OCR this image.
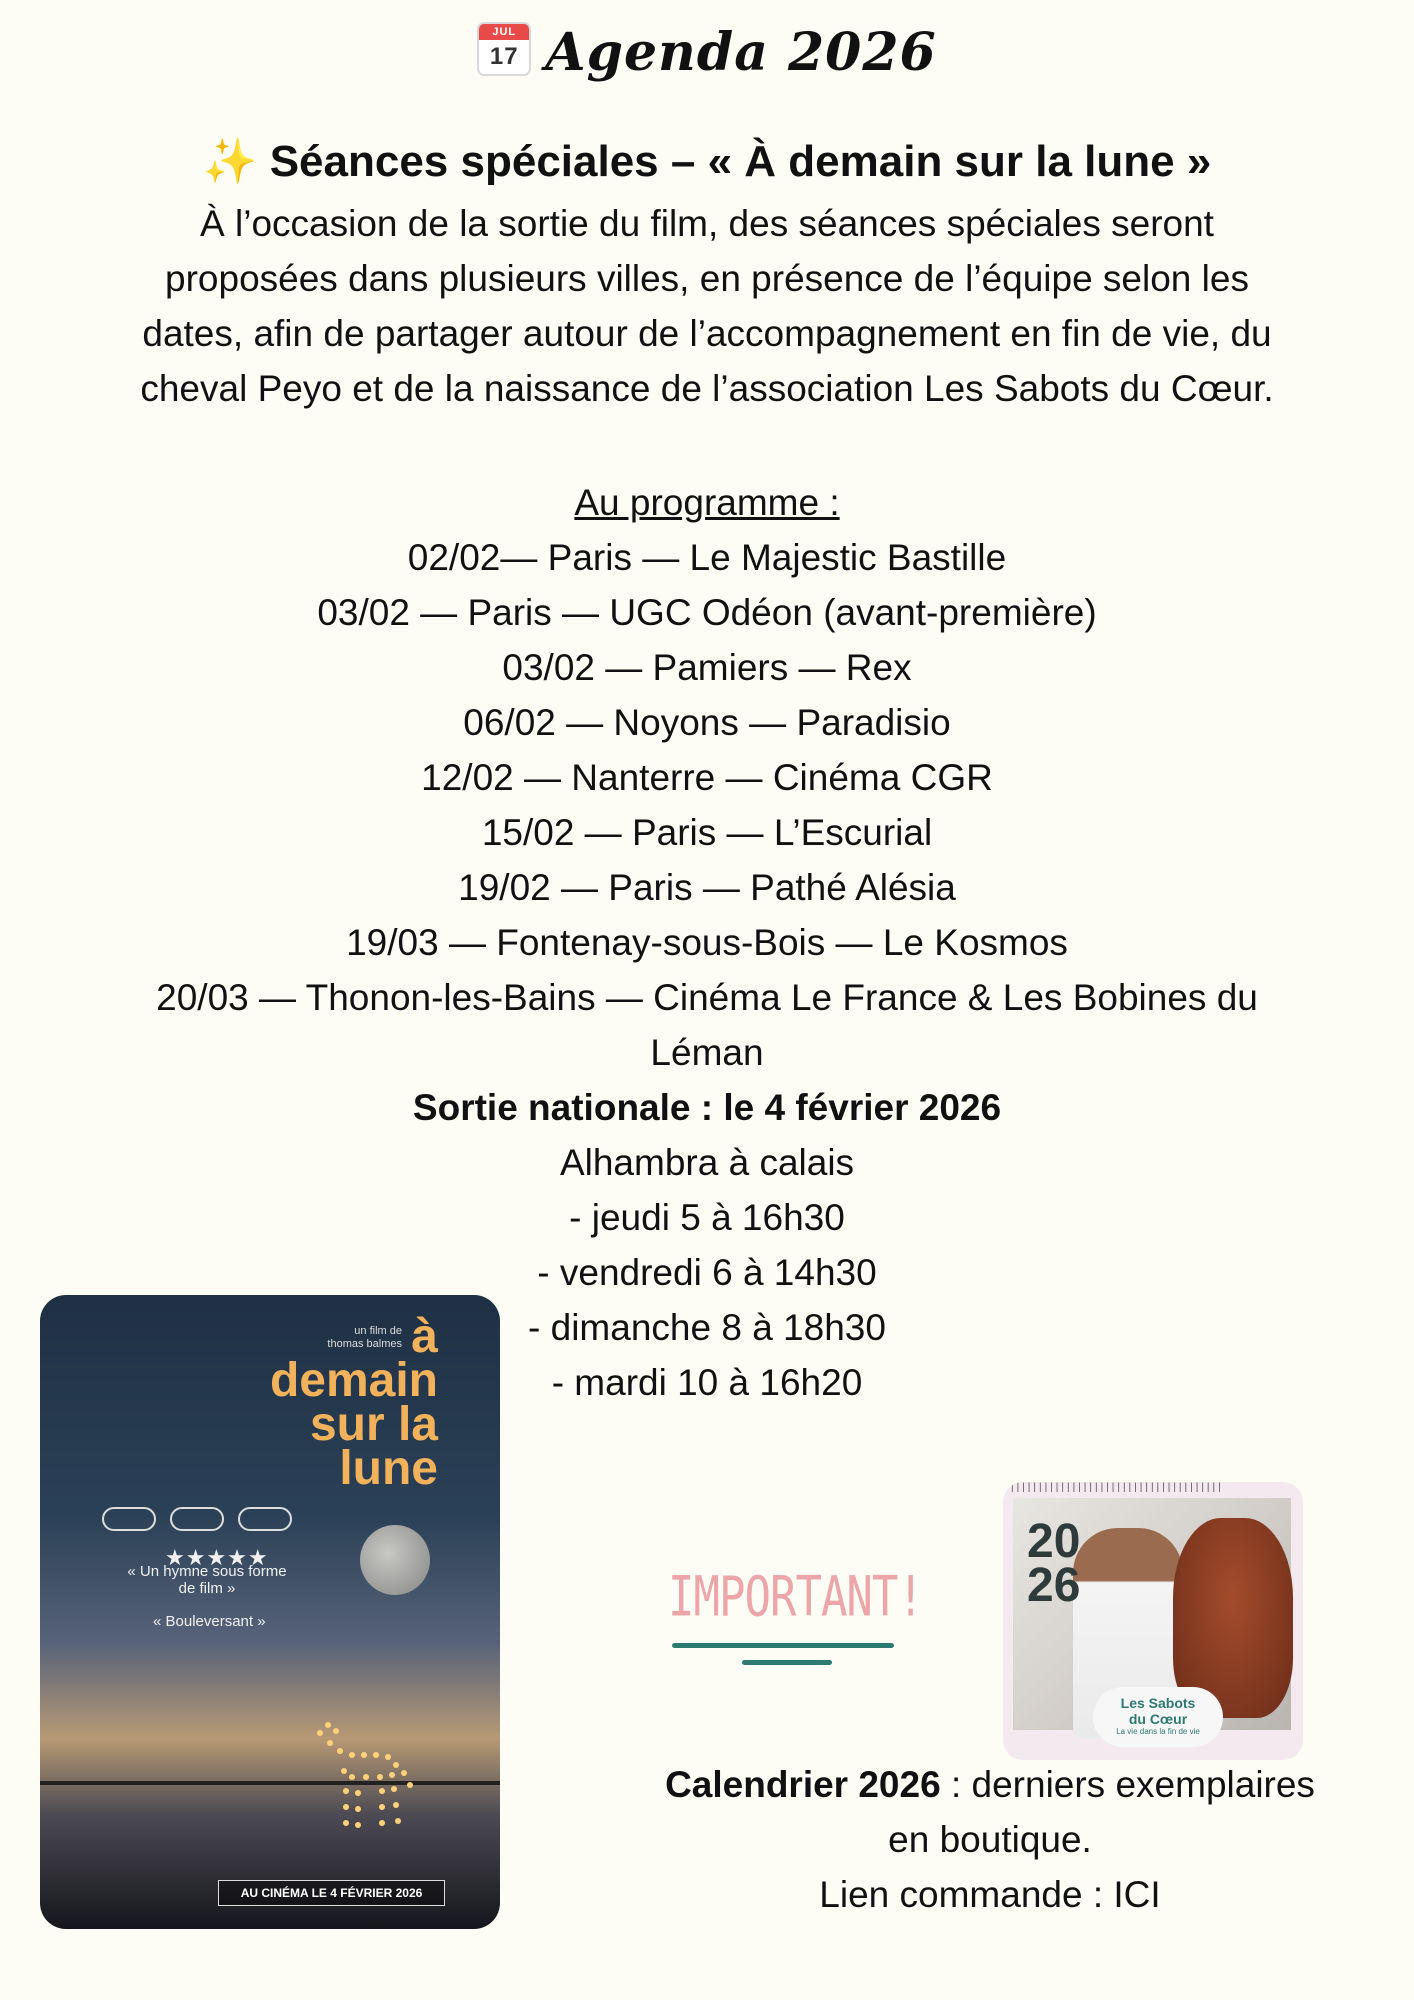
JUL
17 Agenda 2026
✨ Séances spéciales – « À demain sur la lune »
À l’occasion de la sortie du film, des séances spéciales seront
proposées dans plusieurs villes, en présence de l’équipe selon les
dates, afin de partager autour de l’accompagnement en fin de vie, du
cheval Peyo et de la naissance de l’association Les Sabots du Cœur.
Au programme :
02/02— Paris — Le Majestic Bastille
03/02 — Paris — UGC Odéon (avant-première)
03/02 — Pamiers — Rex
06/02 — Noyons — Paradisio
12/02 — Nanterre — Cinéma CGR
15/02 — Paris — L’Escurial
19/02 — Paris — Pathé Alésia
19/03 — Fontenay-sous-Bois — Le Kosmos
20/03 — Thonon-les-Bains — Cinéma Le France & Les Bobines du
Léman
Sortie nationale : le 4 février 2026
Alhambra à calais
- jeudi 5 à 16h30
- vendredi 6 à 14h30
- dimanche 8 à 18h30
- mardi 10 à 16h20
un film de
thomas balmes à
demain
sur la
lune
★★★★★
« Un hymne sous forme de film »
« Bouleversant »
AU CINÉMA LE 4 FÉVRIER 2026
IMPORTANT!
||||||||||||||||||||||||||||||||||||||
20
26
Les Sabots
du Cœur
La vie dans la fin de vie
Calendrier 2026 : derniers exemplaires
en boutique.
Lien commande : ICI
